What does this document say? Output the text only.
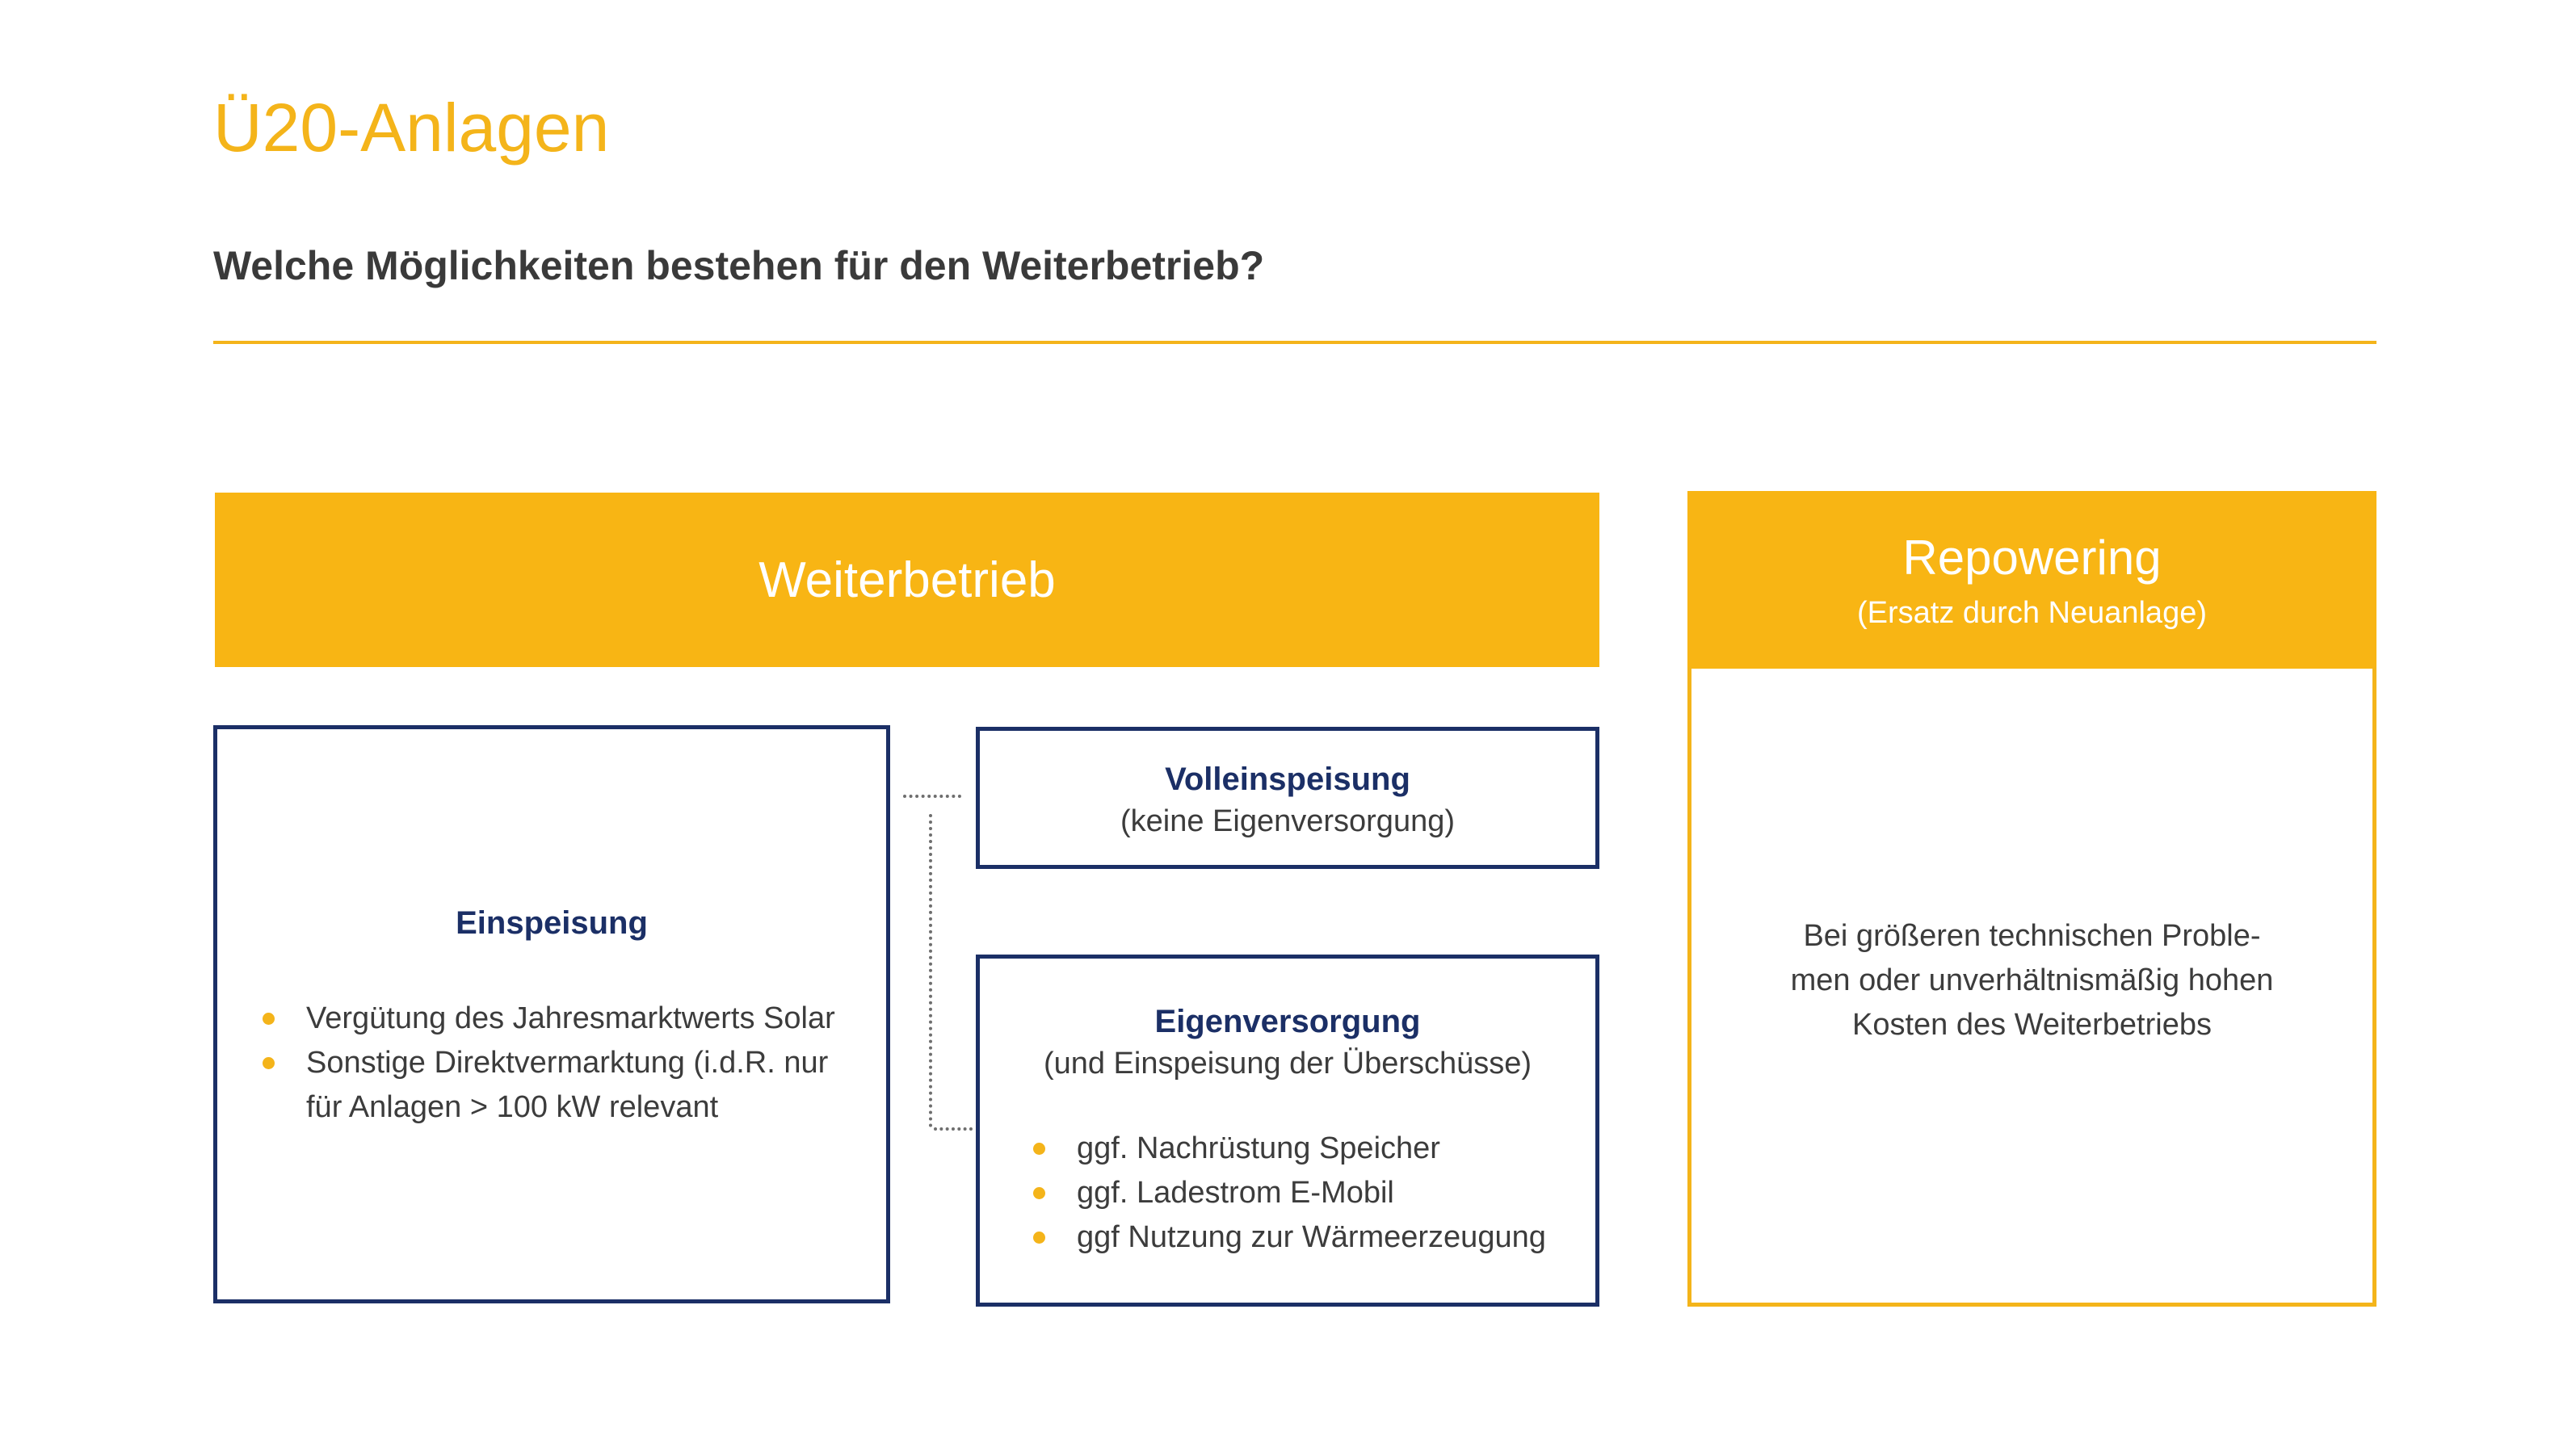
Ü20-Anlagen
Welche Möglichkeiten bestehen für den Weiterbetrieb?
Weiterbetrieb	Repowering
(Ersatz durch Neuanlage)
Einspeisung
Vergütung des Jahresmarktwerts Solar
Sonstige Direktvermarktung (i.d.R. nur
für Anlagen > 100 kW relevant
Volleinspeisung
(keine Eigenversorgung)
Eigenversorgung
(und Einspeisung der Überschüsse)
ggf. Nachrüstung Speicher
ggf. Ladestrom E-Mobil
ggf Nutzung zur Wärmeerzeugung
Bei größeren technischen Proble-
men oder unverhältnismäßig hohen
Kosten des Weiterbetriebs
